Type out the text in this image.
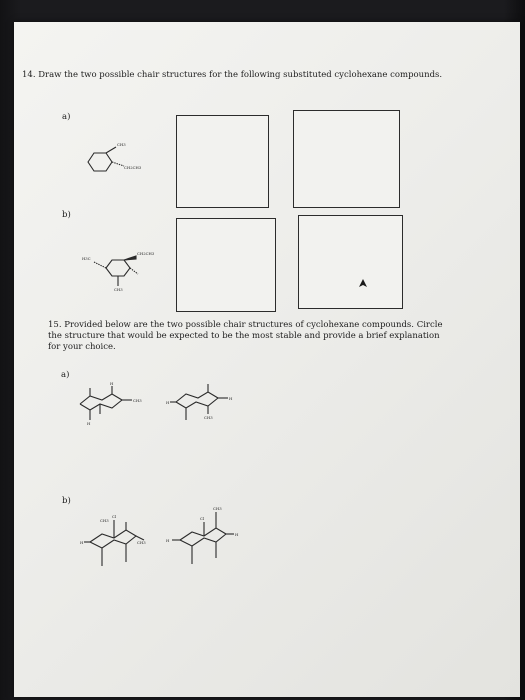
14. Draw the two possible chair structures for the following substituted cyclohexane compounds.
a)
b)
CH3
CH2CH3
H3C
CH2CH3
CH3
15. Provided below are the two possible chair structures of cyclohexane compounds. Circle the structure that would be expected to be the most stable and provide a brief explanation for your choice.
a)
b)
H
CH3
H
H
H
CH3
Cl
CH3
CH3
H
CH3
Cl
H
H
